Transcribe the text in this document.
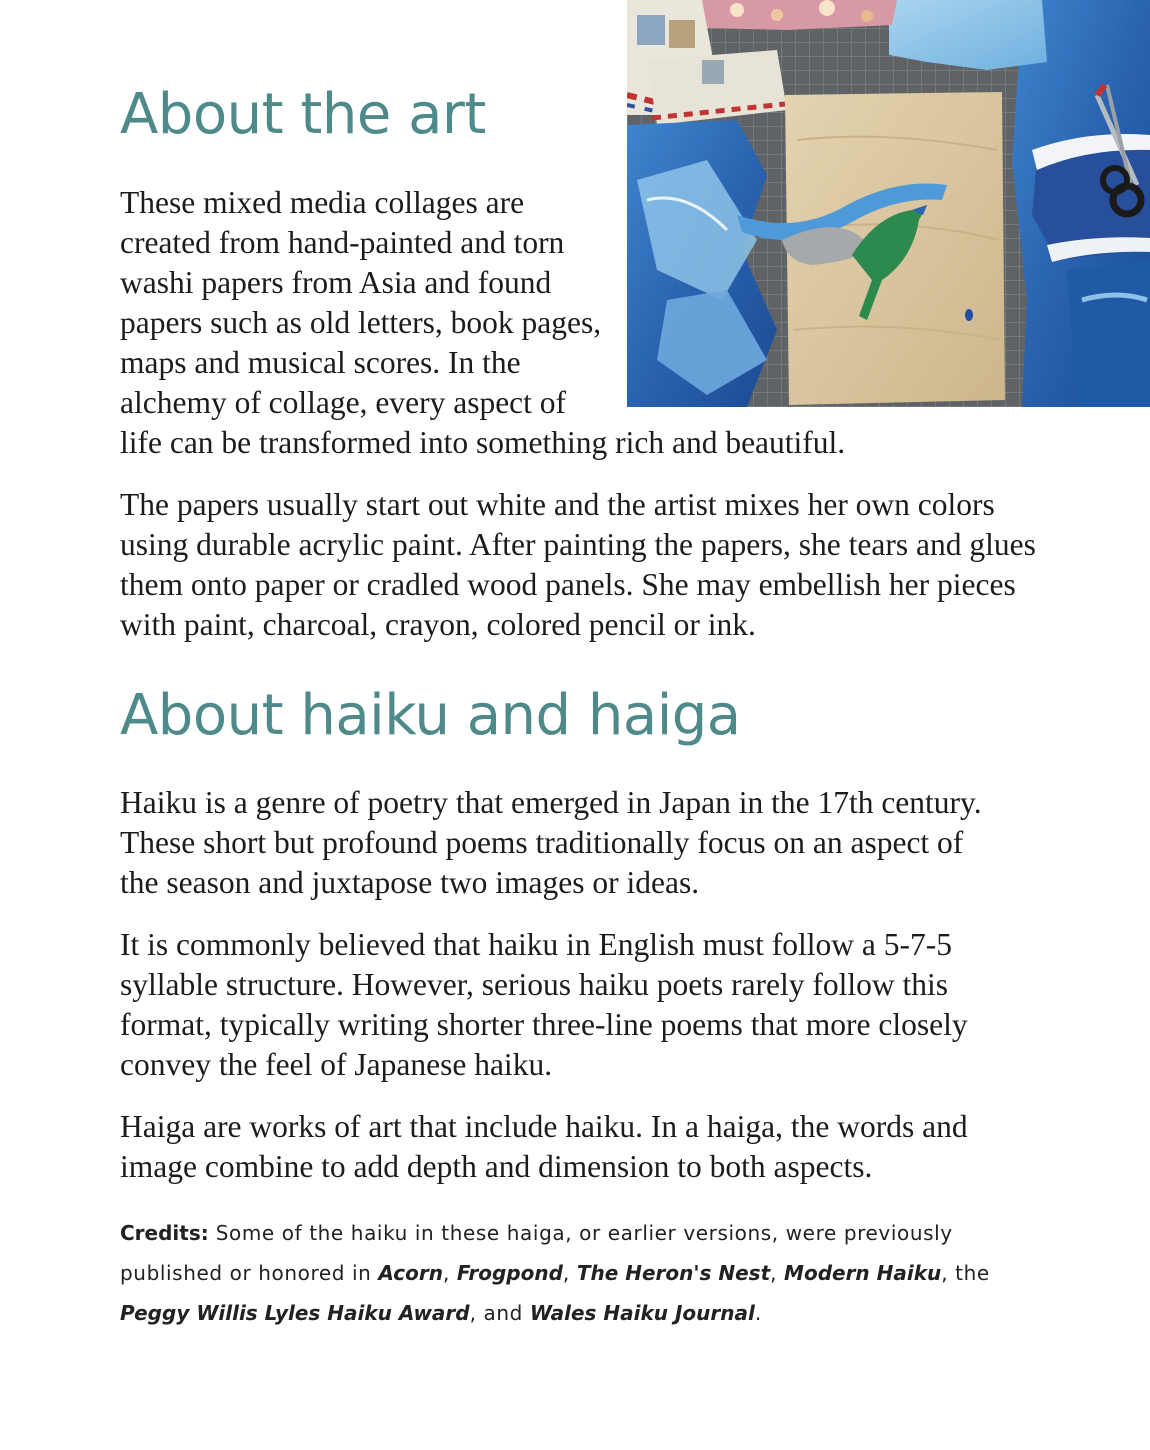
About the art

These mixed media collages are
created from hand-painted and torn
washi papers from Asia and found
papers such as old letters, book pages,
maps and musical scores. In the
alchemy of collage, every aspect of
life can be transformed into something rich and beautiful.

The papers usually start out white and the artist mixes her own colors
using durable acrylic paint. After painting the papers, she tears and glues
them onto paper or cradled wood panels. She may embellish her pieces
with paint, charcoal, crayon, colored pencil or ink.

About haiku and haiga

Haiku is a genre of poetry that emerged in Japan in the 17th century.
These short but profound poems traditionally focus on an aspect of
the season and juxtapose two images or ideas.

It is commonly believed that haiku in English must follow a 5-7-5
syllable structure. However, serious haiku poets rarely follow this
format, typically writing shorter three-line poems that more closely
convey the feel of Japanese haiku.

Haiga are works of art that include haiku. In a haiga, the words and
image combine to add depth and dimension to both aspects.

Credits: Some of the haiku in these haiga, or earlier versions, were previously
published or honored in Acorn, Frogpond, The Heron's Nest, Modern Haiku, the
Peggy Willis Lyles Haiku Award, and Wales Haiku Journal.
